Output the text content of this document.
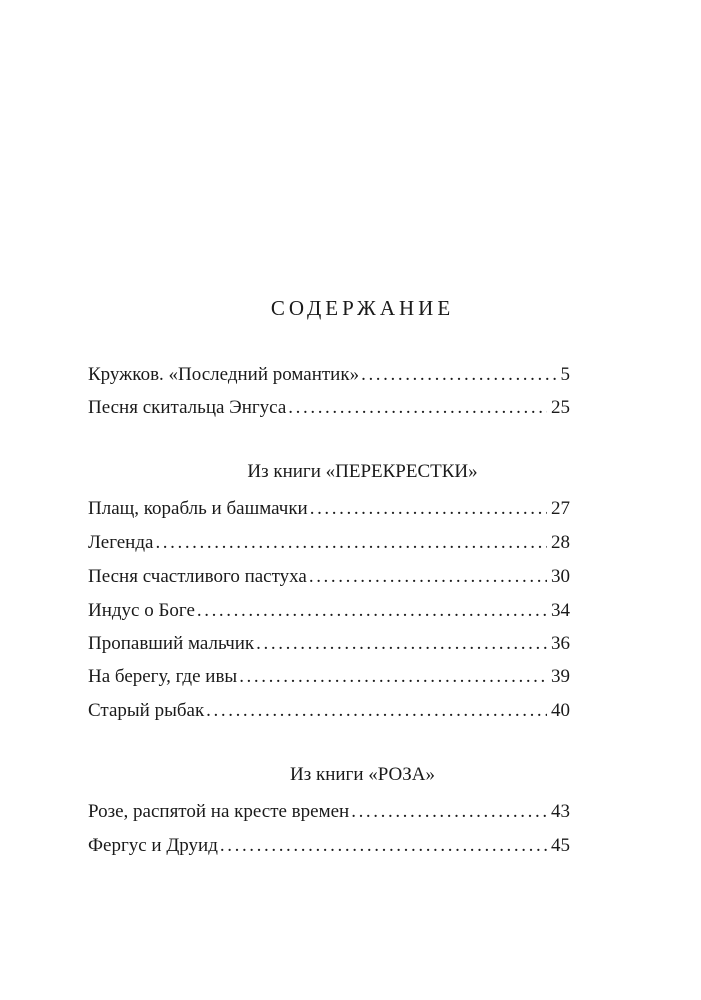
СОДЕРЖАНИЕ
Кружков. «Последний романтик» .....	5
Песня скитальца Энгуса .....	25
Из книги «ПЕРЕКРЕСТКИ»
Плащ, корабль и башмачки .....	27
Легенда .....	28
Песня счастливого пастуха .....	30
Индус о Боге .....	34
Пропавший мальчик .....	36
На берегу, где ивы .....	39
Старый рыбак .....	40
Из книги «РОЗА»
Розе, распятой на кресте времен .....	43
Фергус и Друид .....	45
